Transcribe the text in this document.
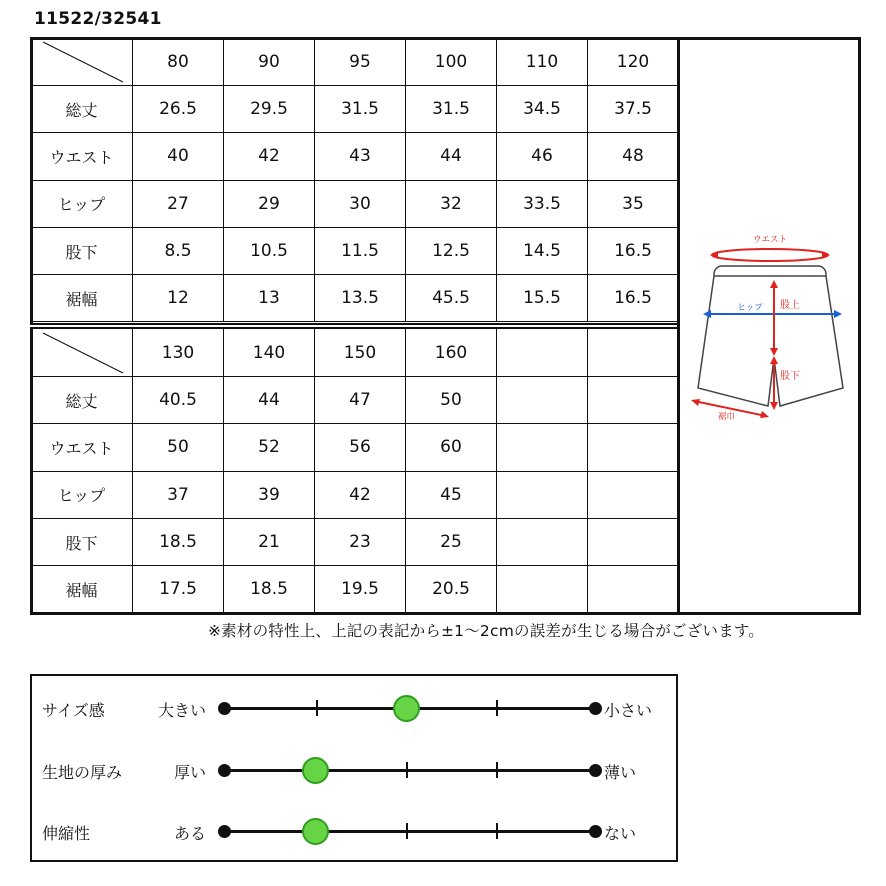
11522/32541
	80	90	95	100	110	120
総丈	26.5	29.5	31.5	31.5	34.5	37.5
ウエスト	40	42	43	44	46	48
ヒップ	27	29	30	32	33.5	35
股下	8.5	10.5	11.5	12.5	14.5	16.5
裾幅	12	13	13.5	45.5	15.5	16.5
	130	140	150	160		
総丈	40.5	44	47	50		
ウエスト	50	52	56	60		
ヒップ	37	39	42	45		
股下	18.5	21	23	25		
裾幅	17.5	18.5	19.5	20.5		
ウエスト
ヒップ 股上
股下
裾巾
※素材の特性上、上記の表記から±1～2cmの誤差が生じる場合がございます。
サイズ感	大きい	小さい
生地の厚み	厚い	薄い
伸縮性	ある	ない
